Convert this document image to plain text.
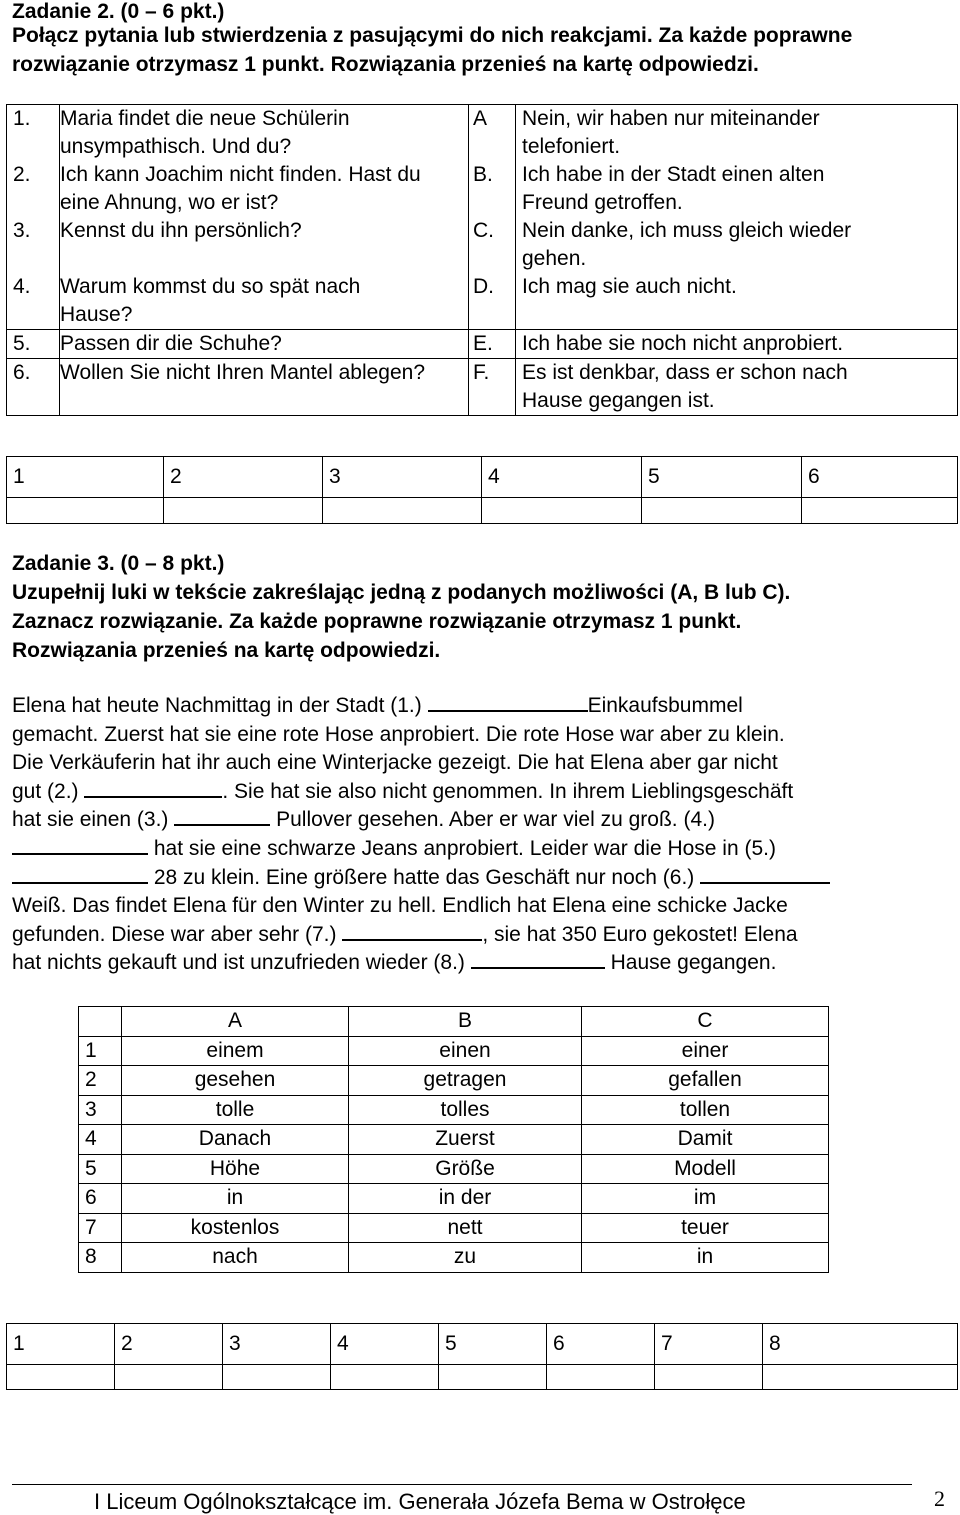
Zadanie 2. (0 – 6 pkt.)
Połącz pytania lub stwierdzenia z pasującymi do nich reakcjami. Za każde poprawne
rozwiązanie otrzymasz 1 punkt. Rozwiązania przenieś na kartę odpowiedzi.
1.	Maria findet die neue Schülerin
unsympathisch. Und du?	A	Nein, wir haben nur miteinander
telefoniert.
2.	Ich kann Joachim nicht finden. Hast du
eine Ahnung, wo er ist?	B.	Ich habe in der Stadt einen alten
Freund getroffen.
3.	Kennst du ihn persönlich?	C.	Nein danke, ich muss gleich wieder
gehen.
4.	Warum kommst du so spät nach
Hause?	D.	Ich mag sie auch nicht.
5.	Passen dir die Schuhe?	E.	Ich habe sie noch nicht anprobiert.
6.	Wollen Sie nicht Ihren Mantel ablegen?	F.	Es ist denkbar, dass er schon nach
Hause gegangen ist.
1	2	3	4	5	6

Zadanie 3. (0 – 8 pkt.)
Uzupełnij luki w tekście zakreślając jedną z podanych możliwości (A, B lub C).
Zaznacz rozwiązanie. Za każde poprawne rozwiązanie otrzymasz 1 punkt.
Rozwiązania przenieś na kartę odpowiedzi.
Elena hat heute Nachmittag in der Stadt (1.)	Einkaufsbummel
gemacht. Zuerst hat sie eine rote Hose anprobiert. Die rote Hose war aber zu klein.
Die Verkäuferin hat ihr auch eine Winterjacke gezeigt. Die hat Elena aber gar nicht
gut (2.)	. Sie hat sie also nicht genommen. In ihrem Lieblingsgeschäft
hat sie einen (3.)	Pullover gesehen. Aber er war viel zu groß. (4.)
hat sie eine schwarze Jeans anprobiert. Leider war die Hose in (5.)
28 zu klein. Eine größere hatte das Geschäft nur noch (6.)
Weiß. Das findet Elena für den Winter zu hell. Endlich hat Elena eine schicke Jacke
gefunden. Diese war aber sehr (7.)	, sie hat 350 Euro gekostet! Elena
hat nichts gekauft und ist unzufrieden wieder (8.)	Hause gegangen.
	A	B	C
1	einem	einen	einer
2	gesehen	getragen	gefallen
3	tolle	tolles	tollen
4	Danach	Zuerst	Damit
5	Höhe	Größe	Modell
6	in	in der	im
7	kostenlos	nett	teuer
8	nach	zu	in
1	2	3	4	5	6	7	8

I Liceum Ogólnokształcące im. Generała Józefa Bema w Ostrołęce	2
